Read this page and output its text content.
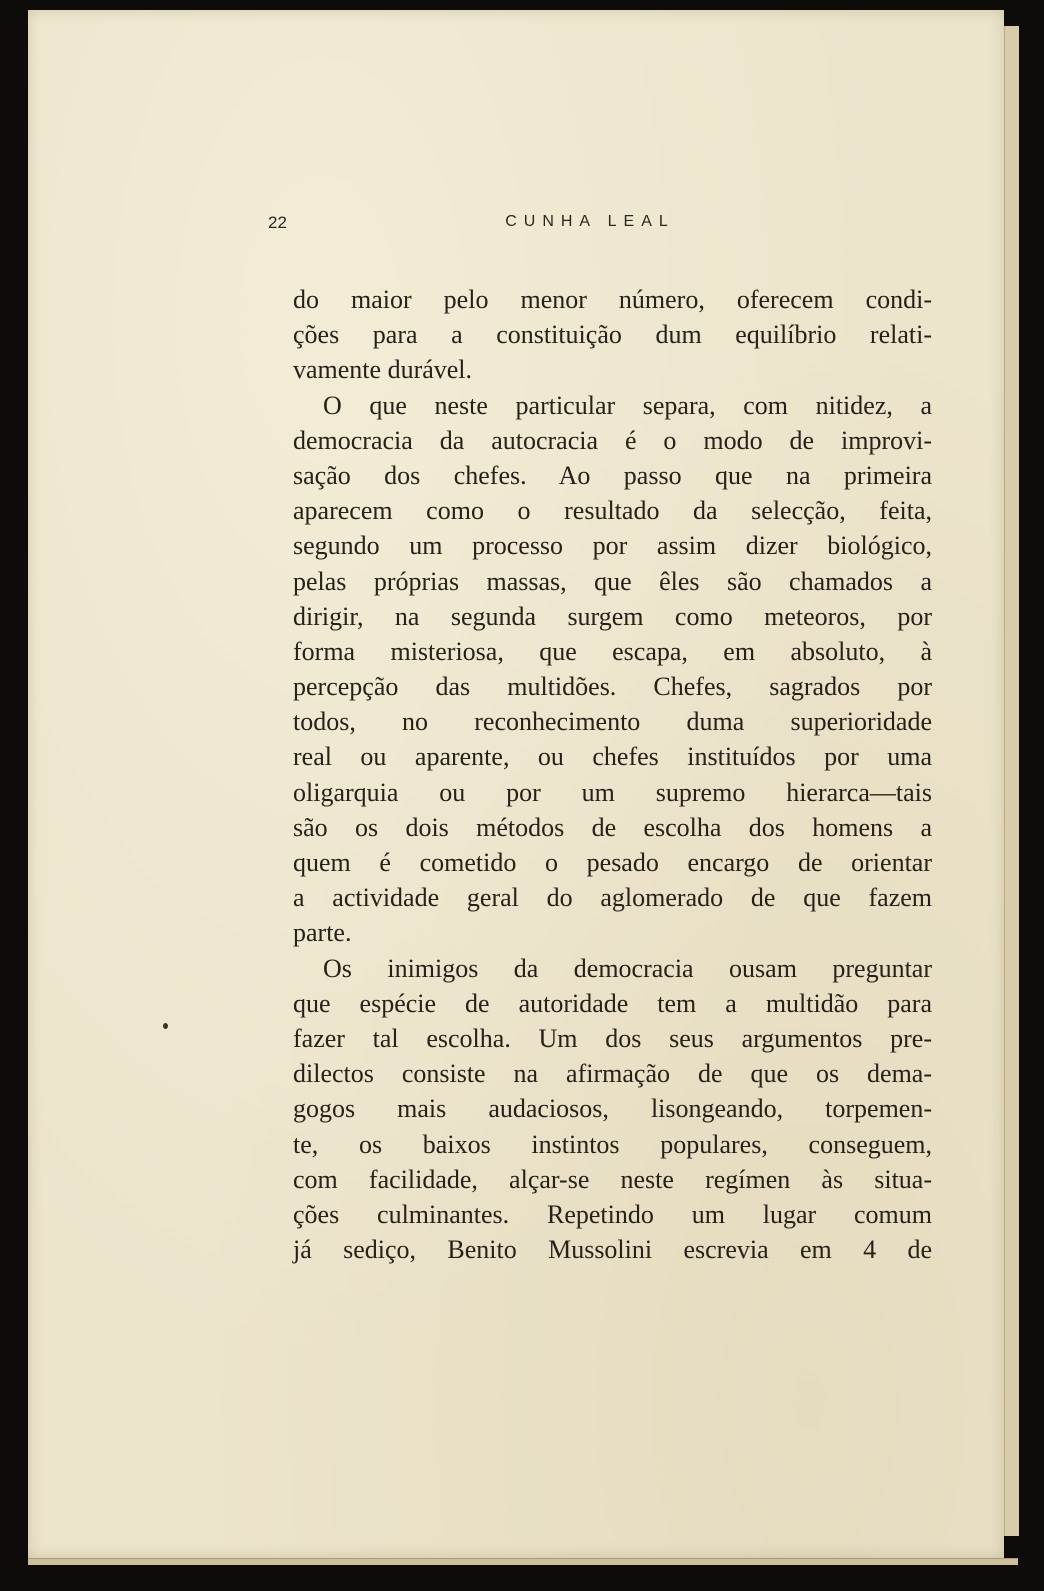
22	CUNHA LEAL
do maior pelo menor número, oferecem condi-
ções para a constituição dum equilíbrio relati-
vamente durável.
O que neste particular separa, com nitidez, a
democracia da autocracia é o modo de improvi-
sação dos chefes. Ao passo que na primeira
aparecem como o resultado da selecção, feita,
segundo um processo por assim dizer biológico,
pelas próprias massas, que êles são chamados a
dirigir, na segunda surgem como meteoros, por
forma misteriosa, que escapa, em absoluto, à
percepção das multidões. Chefes, sagrados por
todos, no reconhecimento duma superioridade
real ou aparente, ou chefes instituídos por uma
oligarquia ou por um supremo hierarca—tais
são os dois métodos de escolha dos homens a
quem é cometido o pesado encargo de orientar
a actividade geral do aglomerado de que fazem
parte.
Os inimigos da democracia ousam preguntar
que espécie de autoridade tem a multidão para
fazer tal escolha. Um dos seus argumentos pre-
dilectos consiste na afirmação de que os dema-
gogos mais audaciosos, lisongeando, torpemen-
te, os baixos instintos populares, conseguem,
com facilidade, alçar-se neste regímen às situa-
ções culminantes. Repetindo um lugar comum
já sediço, Benito Mussolini escrevia em 4 de
